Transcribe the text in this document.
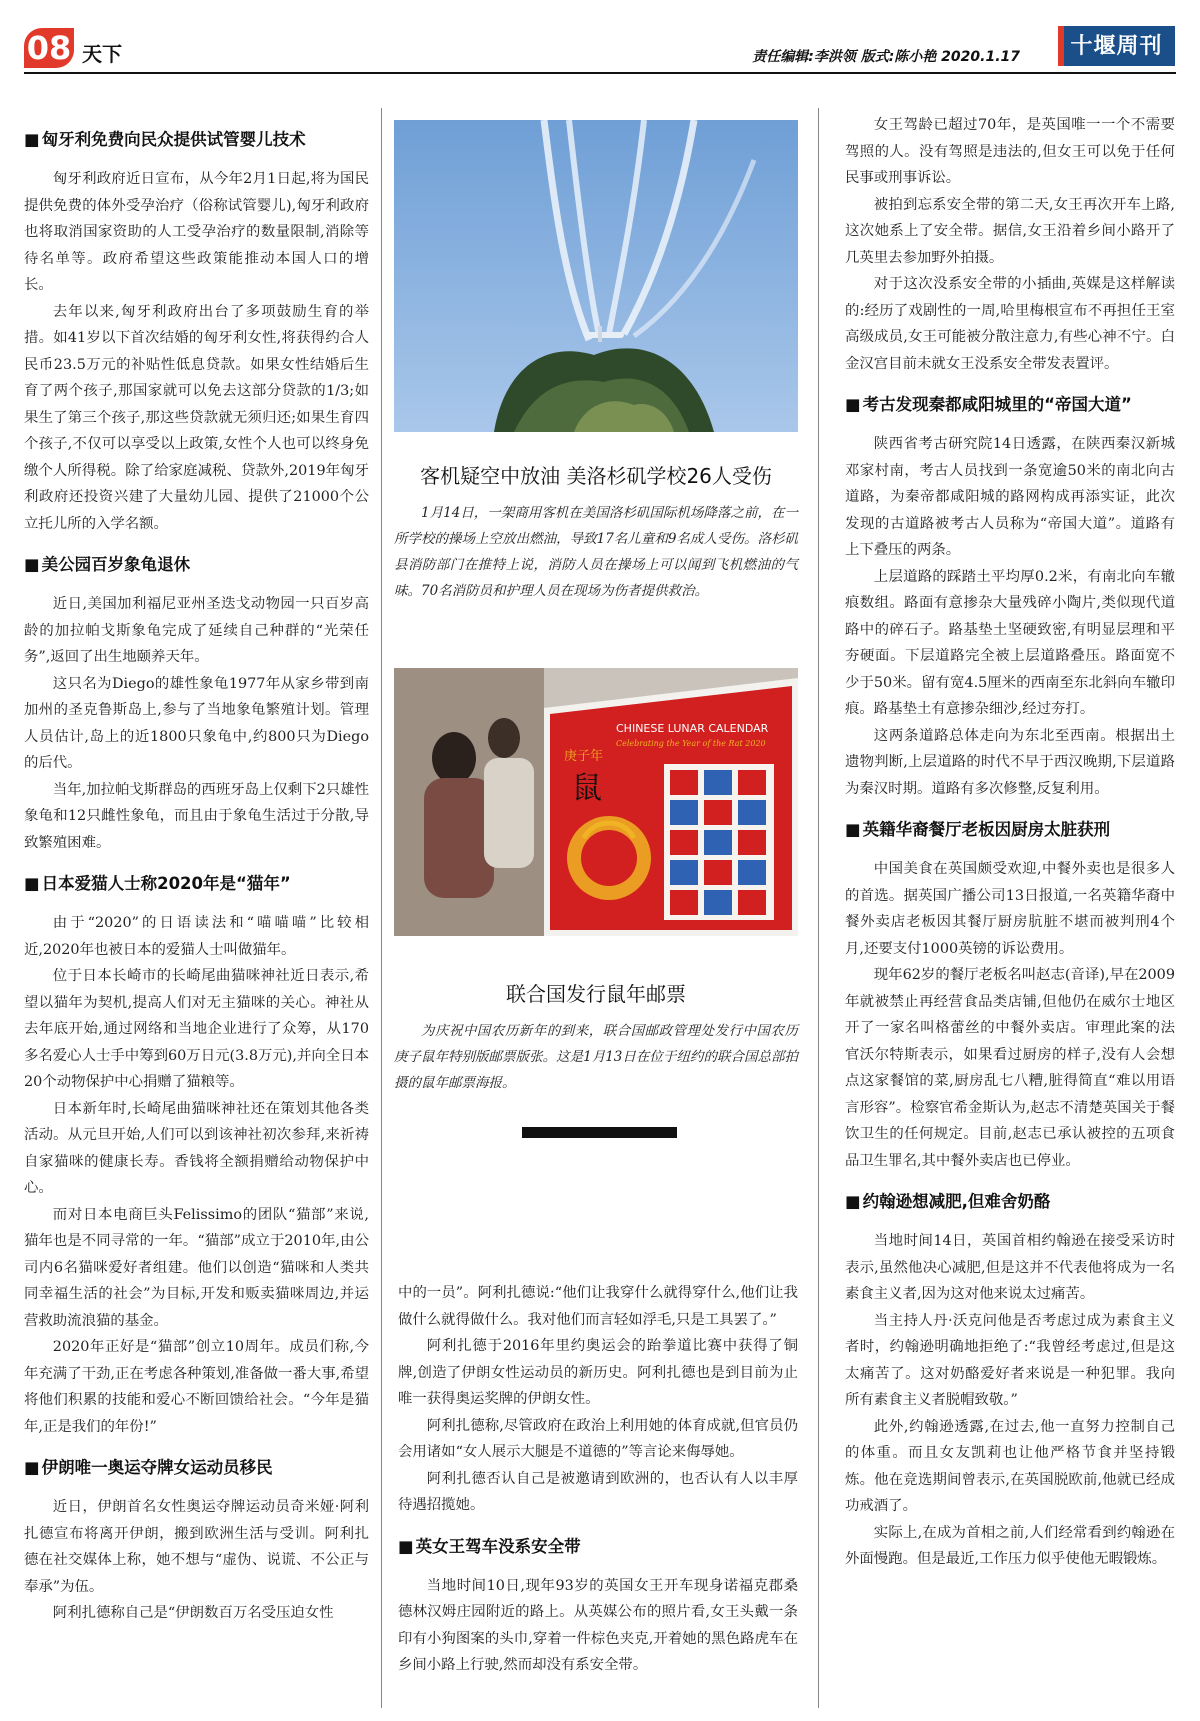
08 天下	责任编辑:李洪领 版式:陈小艳 2020.1.17	十堰周刊
■ 匈牙利免费向民众提供试管婴儿技术

匈牙利政府近日宣布，从今年2月1日起,将为国民提供免费的体外受孕治疗（俗称试管婴儿),匈牙利政府也将取消国家资助的人工受孕治疗的数量限制,消除等待名单等。政府希望这些政策能推动本国人口的增长。

去年以来,匈牙利政府出台了多项鼓励生育的举措。如41岁以下首次结婚的匈牙利女性,将获得约合人民币23.5万元的补贴性低息贷款。如果女性结婚后生育了两个孩子,那国家就可以免去这部分贷款的1/3;如果生了第三个孩子,那这些贷款就无须归还;如果生育四个孩子,不仅可以享受以上政策,女性个人也可以终身免缴个人所得税。除了给家庭减税、贷款外,2019年匈牙利政府还投资兴建了大量幼儿园、提供了21000个公立托儿所的入学名额。

■ 美公园百岁象龟退休

近日,美国加利福尼亚州圣迭戈动物园一只百岁高龄的加拉帕戈斯象龟完成了延续自己种群的“光荣任务”,返回了出生地颐养天年。

这只名为Diego的雄性象龟1977年从家乡带到南加州的圣克鲁斯岛上,参与了当地象龟繁殖计划。管理人员估计,岛上的近1800只象龟中,约800只为Diego的后代。

当年,加拉帕戈斯群岛的西班牙岛上仅剩下2只雄性象龟和12只雌性象龟，而且由于象龟生活过于分散,导致繁殖困难。

■ 日本爱猫人士称2020年是“猫年”

由于“2020”的日语读法和“喵喵喵”比较相近,2020年也被日本的爱猫人士叫做猫年。

位于日本长崎市的长崎尾曲猫咪神社近日表示,希望以猫年为契机,提高人们对无主猫咪的关心。神社从去年底开始,通过网络和当地企业进行了众筹，从170多名爱心人士手中筹到60万日元(3.8万元),并向全日本20个动物保护中心捐赠了猫粮等。

日本新年时,长崎尾曲猫咪神社还在策划其他各类活动。从元旦开始,人们可以到该神社初次参拜,来祈祷自家猫咪的健康长寿。香钱将全额捐赠给动物保护中心。

而对日本电商巨头Felissimo的团队“猫部”来说,猫年也是不同寻常的一年。“猫部”成立于2010年,由公司内6名猫咪爱好者组建。他们以创造“猫咪和人类共同幸福生活的社会”为目标,开发和贩卖猫咪周边,并运营救助流浪猫的基金。

2020年正好是“猫部”创立10周年。成员们称,今年充满了干劲,正在考虑各种策划,准备做一番大事,希望将他们积累的技能和爱心不断回馈给社会。“今年是猫年,正是我们的年份!”

■ 伊朗唯一奥运夺牌女运动员移民

近日，伊朗首名女性奥运夺牌运动员奇米娅·阿利扎德宣布将离开伊朗，搬到欧洲生活与受训。阿利扎德在社交媒体上称，她不想与“虚伪、说谎、不公正与奉承”为伍。

阿利扎德称自己是“伊朗数百万名受压迫女性

客机疑空中放油 美洛杉矶学校26人受伤

1月14日，一架商用客机在美国洛杉矶国际机场降落之前，在一所学校的操场上空放出燃油，导致17名儿童和9名成人受伤。洛杉矶县消防部门在推特上说，消防人员在操场上可以闻到飞机燃油的气味。70名消防员和护理人员在现场为伤者提供救治。

庚子年
鼠
CHINESE LUNAR CALENDAR
Celebrating the Year of the Rat 2020
联合国发行鼠年邮票

为庆祝中国农历新年的到来，联合国邮政管理处发行中国农历庚子鼠年特别版邮票版张。这是1月13日在位于纽约的联合国总部拍摄的鼠年邮票海报。

中的一员”。阿利扎德说:“他们让我穿什么就得穿什么,他们让我做什么就得做什么。我对他们而言轻如浮毛,只是工具罢了。”

阿利扎德于2016年里约奥运会的跆拳道比赛中获得了铜牌,创造了伊朗女性运动员的新历史。阿利扎德也是到目前为止唯一获得奥运奖牌的伊朗女性。

阿利扎德称,尽管政府在政治上利用她的体育成就,但官员仍会用诸如“女人展示大腿是不道德的”等言论来侮辱她。

阿利扎德否认自己是被邀请到欧洲的，也否认有人以丰厚待遇招揽她。

■ 英女王驾车没系安全带

当地时间10日,现年93岁的英国女王开车现身诺福克郡桑德林汉姆庄园附近的路上。从英媒公布的照片看,女王头戴一条印有小狗图案的头巾,穿着一件棕色夹克,开着她的黑色路虎车在乡间小路上行驶,然而却没有系安全带。

女王驾龄已超过70年，是英国唯一一个不需要驾照的人。没有驾照是违法的,但女王可以免于任何民事或刑事诉讼。

被拍到忘系安全带的第二天,女王再次开车上路,这次她系上了安全带。据信,女王沿着乡间小路开了几英里去参加野外拍摄。

对于这次没系安全带的小插曲,英媒是这样解读的:经历了戏剧性的一周,哈里梅根宣布不再担任王室高级成员,女王可能被分散注意力,有些心神不宁。白金汉宫目前未就女王没系安全带发表置评。

■ 考古发现秦都咸阳城里的“帝国大道”

陕西省考古研究院14日透露，在陕西秦汉新城邓家村南，考古人员找到一条宽逾50米的南北向古道路，为秦帝都咸阳城的路网构成再添实证，此次发现的古道路被考古人员称为“帝国大道”。道路有上下叠压的两条。

上层道路的踩踏土平均厚0.2米，有南北向车辙痕数组。路面有意掺杂大量残碎小陶片,类似现代道路中的碎石子。路基垫土坚硬致密,有明显层理和平夯硬面。下层道路完全被上层道路叠压。路面宽不少于50米。留有宽4.5厘米的西南至东北斜向车辙印痕。路基垫土有意掺杂细沙,经过夯打。

这两条道路总体走向为东北至西南。根据出土遗物判断,上层道路的时代不早于西汉晚期,下层道路为秦汉时期。道路有多次修整,反复利用。

■ 英籍华裔餐厅老板因厨房太脏获刑

中国美食在英国颇受欢迎,中餐外卖也是很多人的首选。据英国广播公司13日报道,一名英籍华裔中餐外卖店老板因其餐厅厨房肮脏不堪而被判刑4个月,还要支付1000英镑的诉讼费用。

现年62岁的餐厅老板名叫赵志(音译),早在2009年就被禁止再经营食品类店铺,但他仍在威尔士地区开了一家名叫格蕾丝的中餐外卖店。审理此案的法官沃尔特斯表示，如果看过厨房的样子,没有人会想点这家餐馆的菜,厨房乱七八糟,脏得简直“难以用语言形容”。检察官希金斯认为,赵志不清楚英国关于餐饮卫生的任何规定。目前,赵志已承认被控的五项食品卫生罪名,其中餐外卖店也已停业。

■ 约翰逊想减肥,但难舍奶酪

当地时间14日，英国首相约翰逊在接受采访时表示,虽然他决心减肥,但是这并不代表他将成为一名素食主义者,因为这对他来说太过痛苦。

当主持人丹·沃克问他是否考虑过成为素食主义者时，约翰逊明确地拒绝了:“我曾经考虑过,但是这太痛苦了。这对奶酪爱好者来说是一种犯罪。我向所有素食主义者脱帽致敬。”

此外,约翰逊透露,在过去,他一直努力控制自己的体重。而且女友凯莉也让他严格节食并坚持锻炼。他在竞选期间曾表示,在英国脱欧前,他就已经成功戒酒了。

实际上,在成为首相之前,人们经常看到约翰逊在外面慢跑。但是最近,工作压力似乎使他无暇锻炼。
